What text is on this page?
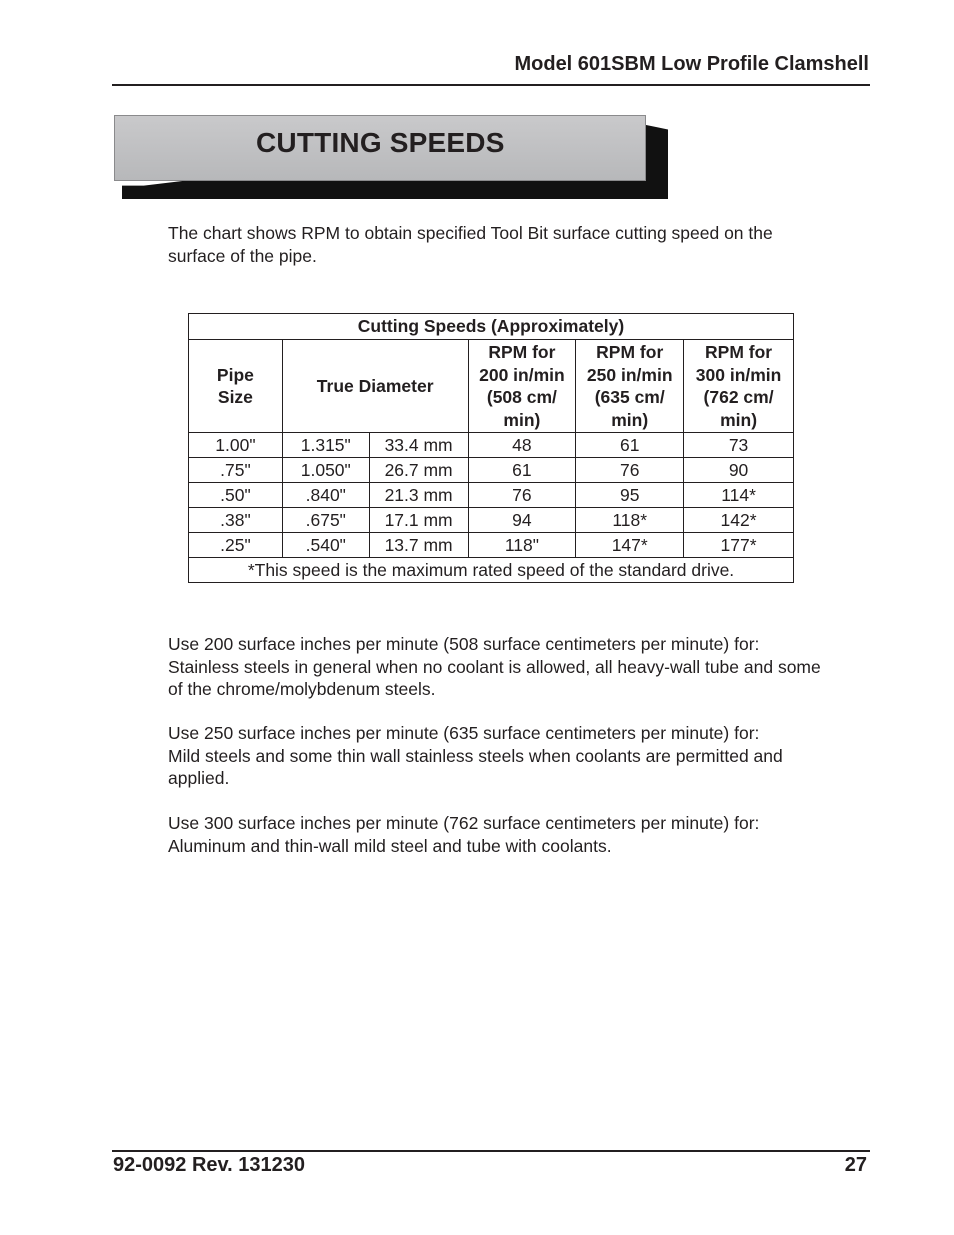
Model 601SBM Low Profile Clamshell
CUTTING SPEEDS
The chart shows RPM to obtain specified Tool Bit surface cutting speed on the
surface of the pipe.
Cutting Speeds (Approximately)					
Pipe
Size	True Diameter		RPM for
200 in/min
(508 cm/
min)	RPM for
250 in/min
(635 cm/
min)	RPM for
300 in/min
(762 cm/
min)
1.00"	1.315"	33.4 mm	48	61	73
.75"	1.050"	26.7 mm	61	76	90
.50"	.840"	21.3 mm	76	95	114*
.38"	.675"	17.1 mm	94	118*	142*
.25"	.540"	13.7 mm	118"	147*	177*
*This speed is the maximum rated speed of the standard drive.					
Use 200 surface inches per minute (508 surface centimeters per minute) for:
Stainless steels in general when no coolant is allowed, all heavy-wall tube and some
of the chrome/molybdenum steels.
Use 250 surface inches per minute (635 surface centimeters per minute) for:
Mild steels and some thin wall stainless steels when coolants are permitted and
applied.
Use 300 surface inches per minute (762 surface centimeters per minute) for:
Aluminum and thin-wall mild steel and tube with coolants.
92-0092 Rev. 131230	27
